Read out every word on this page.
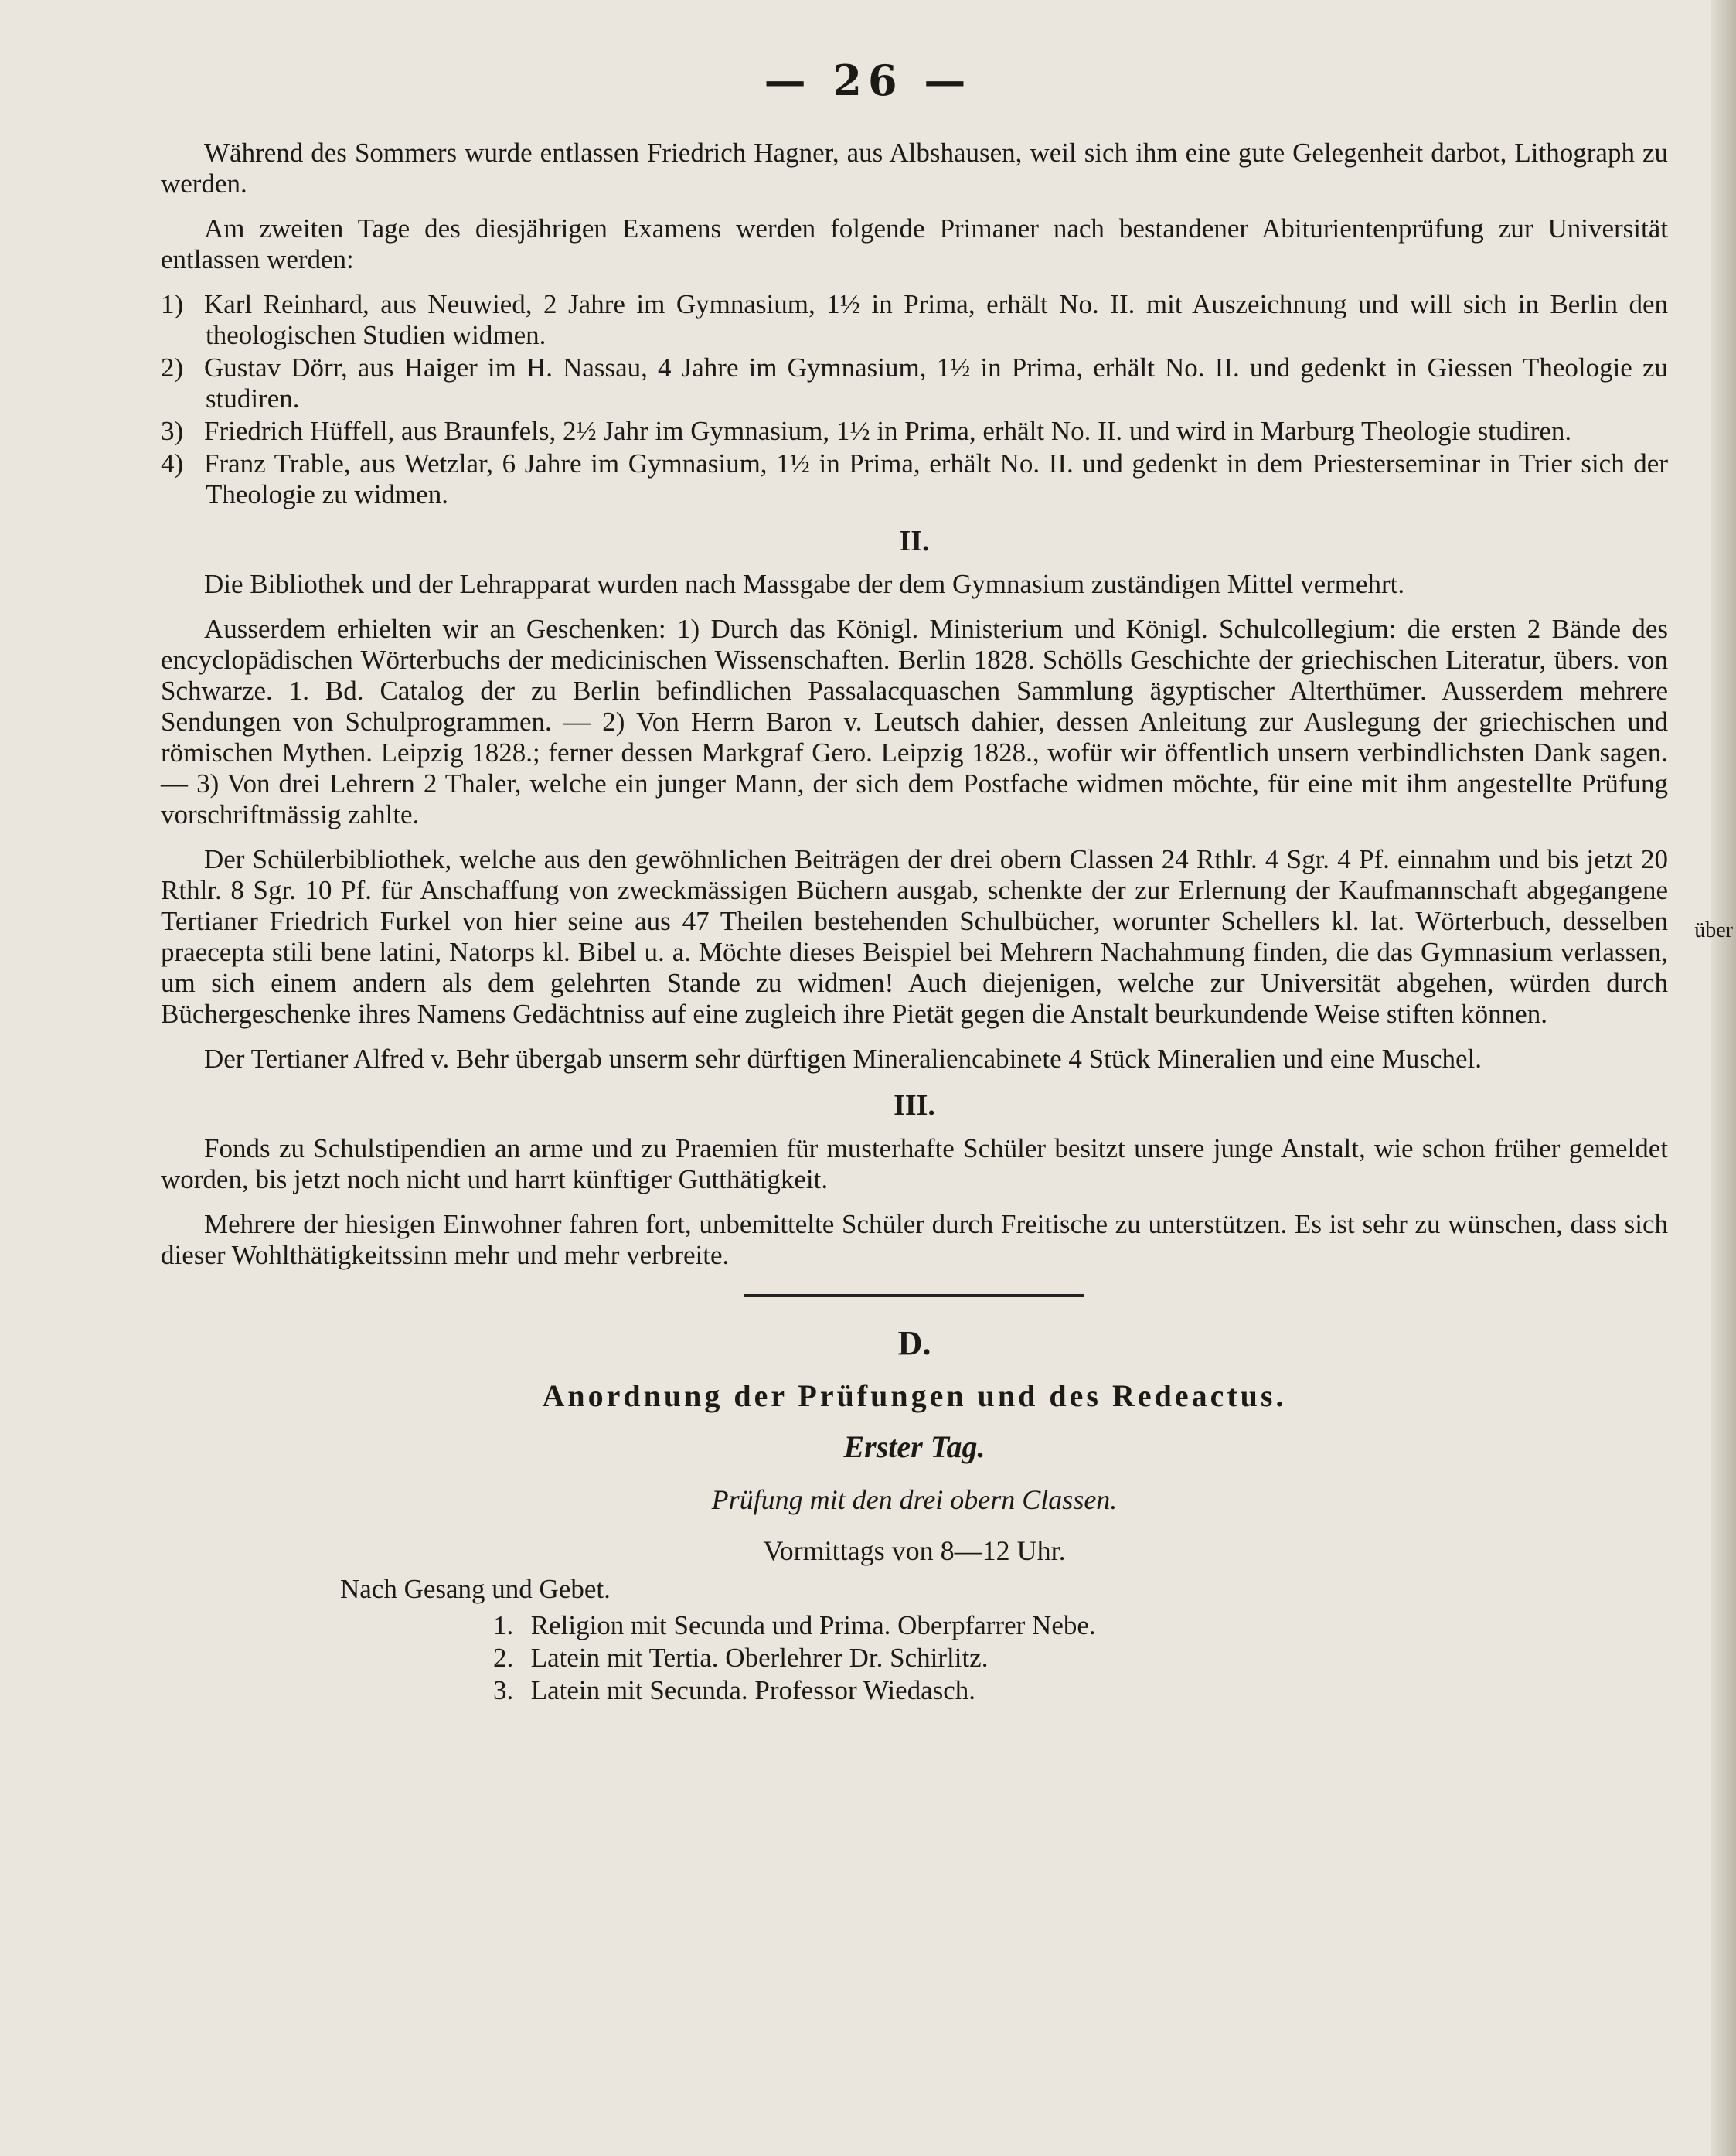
— 26 —

Während des Sommers wurde entlassen Friedrich Hagner, aus Albshausen, weil sich ihm eine gute Gelegenheit darbot, Lithograph zu werden.

Am zweiten Tage des diesjährigen Examens werden folgende Primaner nach bestandener Abiturientenprüfung zur Universität entlassen werden:

1) Karl Reinhard, aus Neuwied, 2 Jahre im Gymnasium, 1½ in Prima, erhält No. II. mit Auszeichnung und will sich in Berlin den theologischen Studien widmen.
2) Gustav Dörr, aus Haiger im H. Nassau, 4 Jahre im Gymnasium, 1½ in Prima, erhält No. II. und gedenkt in Giessen Theologie zu studiren.
3) Friedrich Hüffell, aus Braunfels, 2½ Jahr im Gymnasium, 1½ in Prima, erhält No. II. und wird in Marburg Theologie studiren.
4) Franz Trable, aus Wetzlar, 6 Jahre im Gymnasium, 1½ in Prima, erhält No. II. und gedenkt in dem Priesterseminar in Trier sich der Theologie zu widmen.
II.

Die Bibliothek und der Lehrapparat wurden nach Massgabe der dem Gymnasium zuständigen Mittel vermehrt.

Ausserdem erhielten wir an Geschenken: 1) Durch das Königl. Ministerium und Königl. Schulcollegium: die ersten 2 Bände des encyclopädischen Wörterbuchs der medicinischen Wissenschaften. Berlin 1828. Schölls Geschichte der griechischen Literatur, übers. von Schwarze. 1. Bd. Catalog der zu Berlin befindlichen Passalacquaschen Sammlung ägyptischer Alterthümer. Ausserdem mehrere Sendungen von Schulprogrammen. — 2) Von Herrn Baron v. Leutsch dahier, dessen Anleitung zur Auslegung der griechischen und römischen Mythen. Leipzig 1828.; ferner dessen Markgraf Gero. Leipzig 1828., wofür wir öffentlich unsern verbindlichsten Dank sagen. — 3) Von drei Lehrern 2 Thaler, welche ein junger Mann, der sich dem Postfache widmen möchte, für eine mit ihm angestellte Prüfung vorschriftmässig zahlte.

Der Schülerbibliothek, welche aus den gewöhnlichen Beiträgen der drei obern Classen 24 Rthlr. 4 Sgr. 4 Pf. einnahm und bis jetzt 20 Rthlr. 8 Sgr. 10 Pf. für Anschaffung von zweckmässigen Büchern ausgab, schenkte der zur Erlernung der Kaufmannschaft abgegangene Tertianer Friedrich Furkel von hier seine aus 47 Theilen bestehenden Schulbücher, worunter Schellers kl. lat. Wörterbuch, desselben praecepta stili bene latini, Natorps kl. Bibel u. a. Möchte dieses Beispiel bei Mehrern Nachahmung finden, die das Gymnasium verlassen, um sich einem andern als dem gelehrten Stande zu widmen! Auch diejenigen, welche zur Universität abgehen, würden durch Büchergeschenke ihres Namens Gedächtniss auf eine zugleich ihre Pietät gegen die Anstalt beurkundende Weise stiften können.

Der Tertianer Alfred v. Behr übergab unserm sehr dürftigen Mineraliencabinete 4 Stück Mineralien und eine Muschel.

III.

Fonds zu Schulstipendien an arme und zu Praemien für musterhafte Schüler besitzt unsere junge Anstalt, wie schon früher gemeldet worden, bis jetzt noch nicht und harrt künftiger Gutthätigkeit.

Mehrere der hiesigen Einwohner fahren fort, unbemittelte Schüler durch Freitische zu unterstützen. Es ist sehr zu wünschen, dass sich dieser Wohlthätigkeitssinn mehr und mehr verbreite.

D.
Anordnung der Prüfungen und des Redeactus.
Erster Tag.
Prüfung mit den drei obern Classen.
Vormittags von 8—12 Uhr.
Nach Gesang und Gebet.
1. Religion mit Secunda und Prima. Oberpfarrer Nebe.
2. Latein mit Tertia. Oberlehrer Dr. Schirlitz.
3. Latein mit Secunda. Professor Wiedasch.
über
